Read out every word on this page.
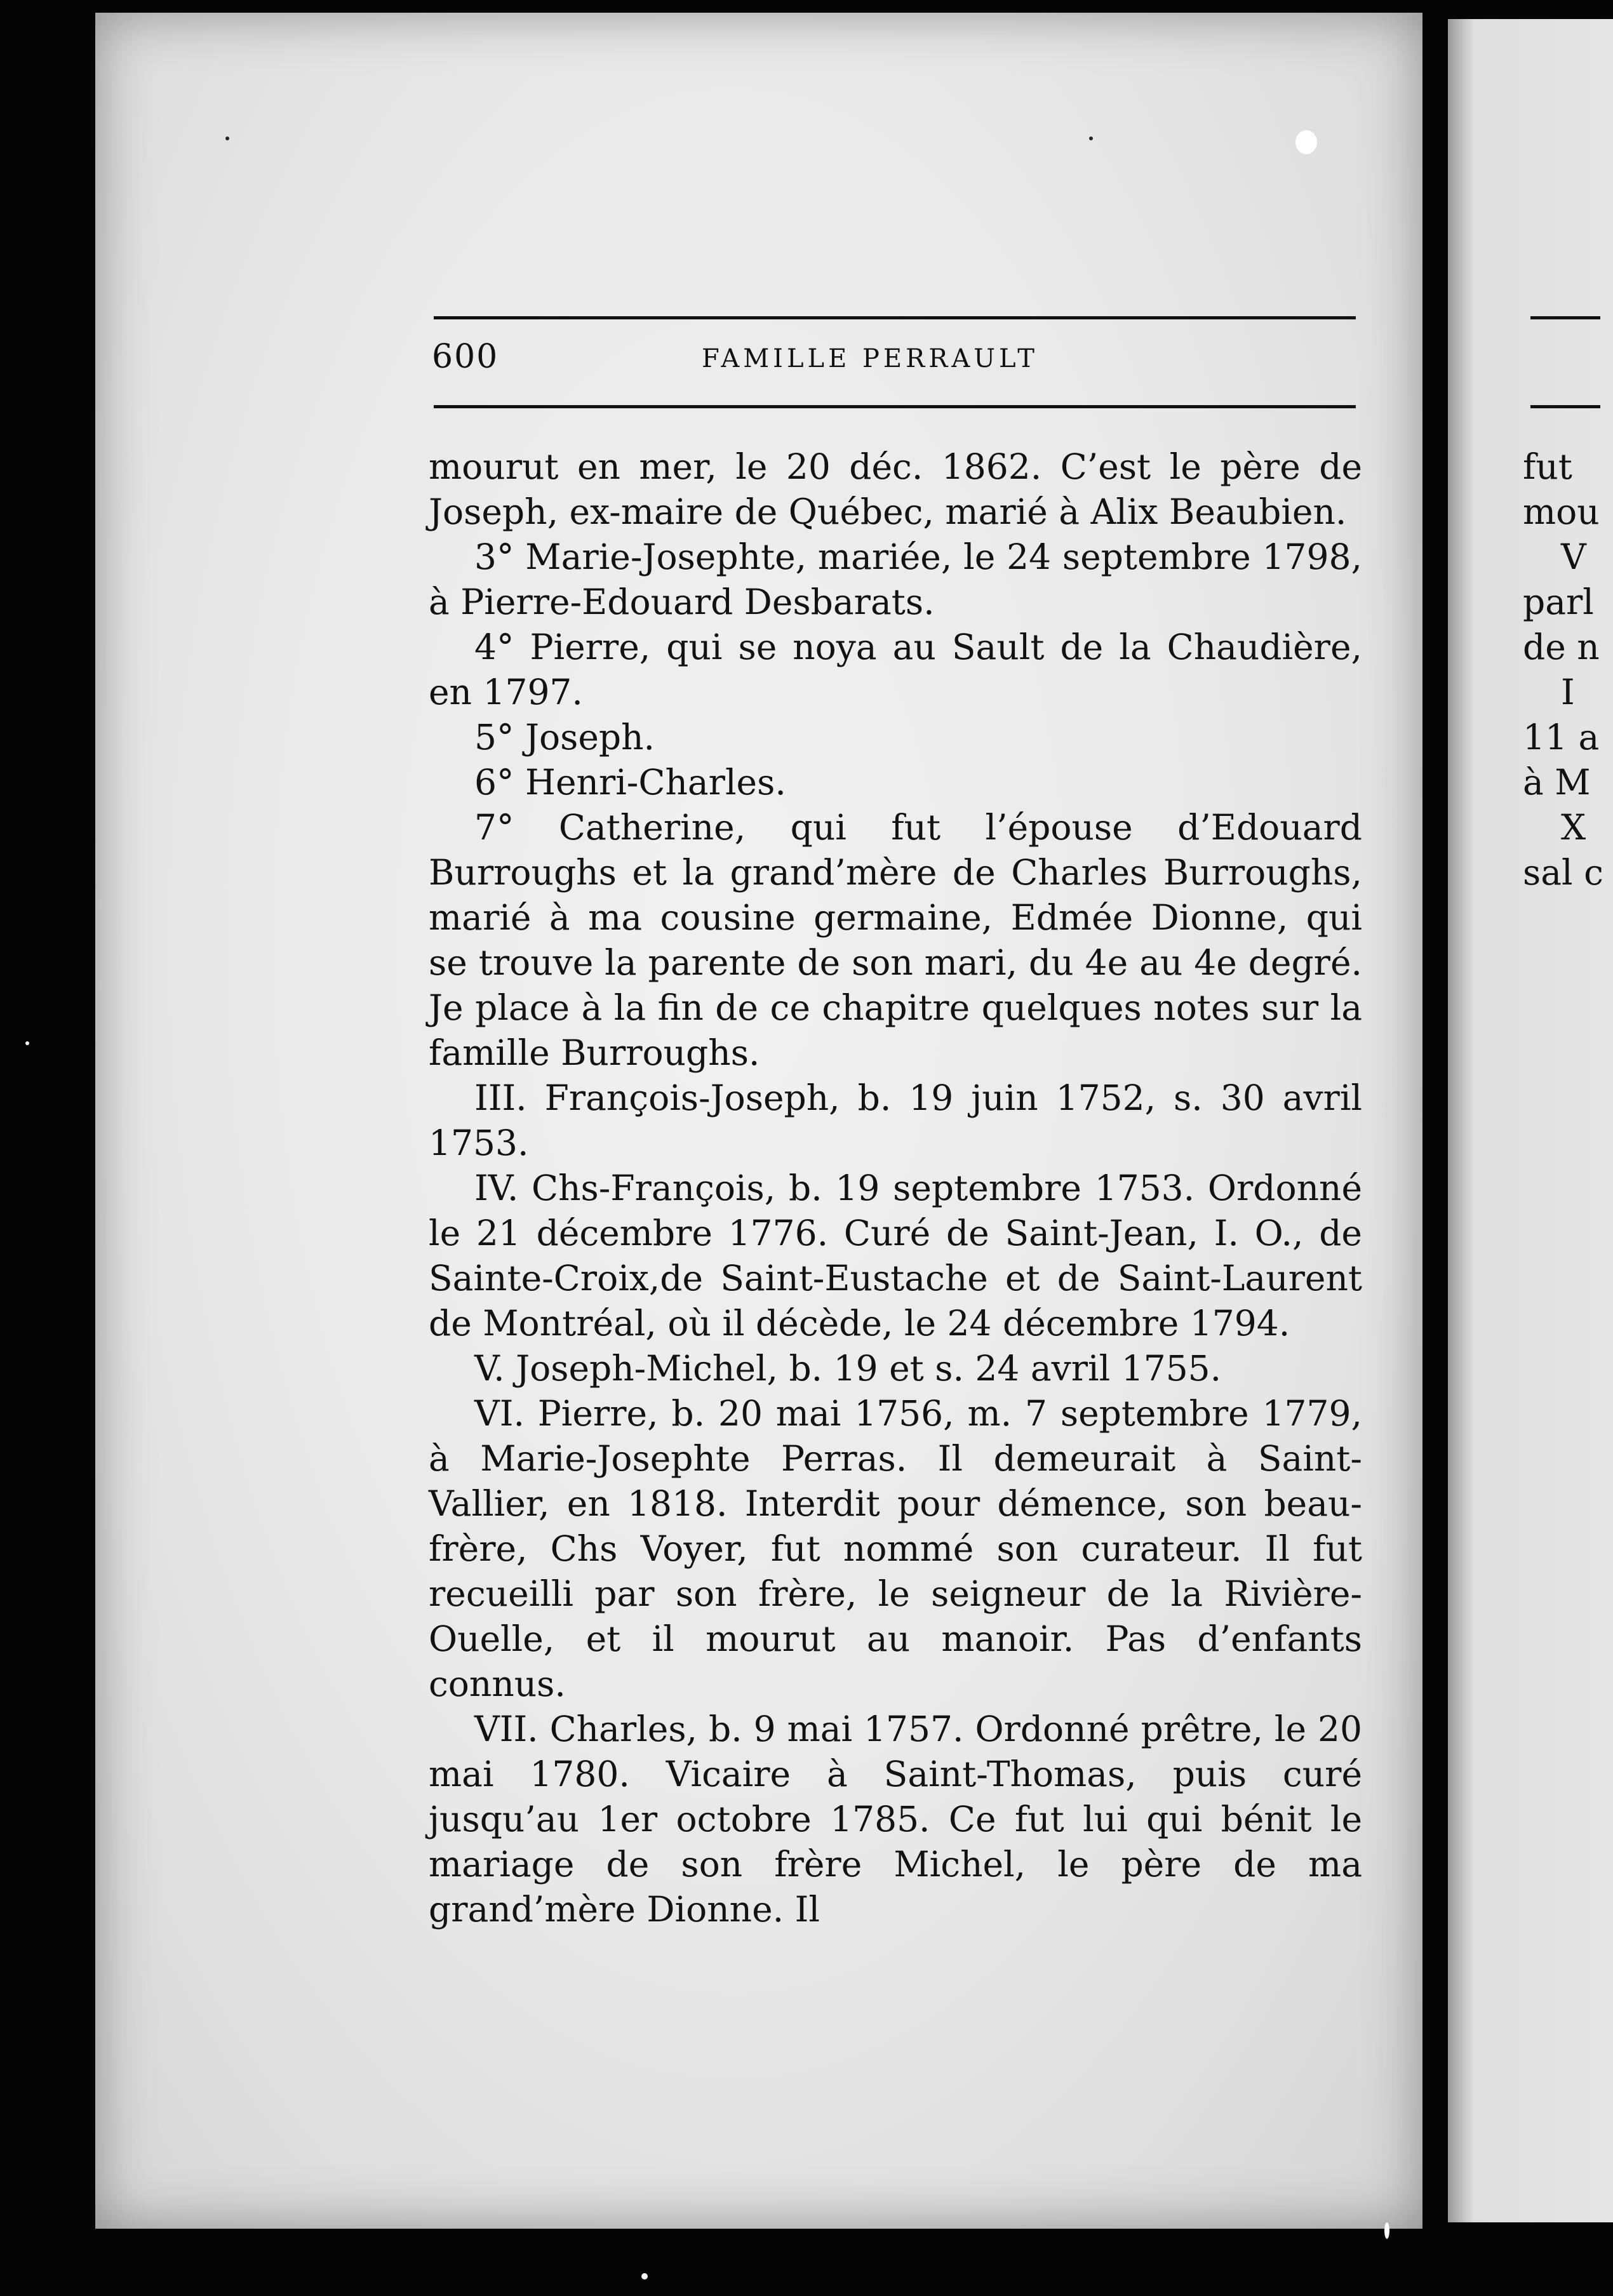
600	FAMILLE PERRAULT

mourut en mer, le 20 déc. 1862. C’est le père de Joseph, ex-maire de Québec, marié à Alix Beaubien.

3° Marie-Josephte, mariée, le 24 septembre 1798, à Pierre-Edouard Desbarats.

4° Pierre, qui se noya au Sault de la Chaudière, en 1797.

5° Joseph.

6° Henri-Charles.

7° Catherine, qui fut l’épouse d’Edouard Burroughs et la grand’mère de Charles Burroughs, marié à ma cousine germaine, Edmée Dionne, qui se trouve la parente de son mari, du 4e au 4e degré. Je place à la fin de ce chapitre quelques notes sur la famille Burroughs.

III. François-Joseph, b. 19 juin 1752, s. 30 avril 1753.

IV. Chs-François, b. 19 septembre 1753. Ordonné le 21 décembre 1776. Curé de Saint-Jean, I. O., de Sainte-Croix,de Saint-Eustache et de Saint-Laurent de Montréal, où il décède, le 24 décembre 1794.

V. Joseph-Michel, b. 19 et s. 24 avril 1755.

VI. Pierre, b. 20 mai 1756, m. 7 septembre 1779, à Marie-Josephte Perras. Il demeurait à Saint-Vallier, en 1818. Interdit pour démence, son beau-frère, Chs Voyer, fut nommé son curateur. Il fut recueilli par son frère, le seigneur de la Rivière-Ouelle, et il mourut au manoir. Pas d’enfants connus.

VII. Charles, b. 9 mai 1757. Ordonné prêtre, le 20 mai 1780. Vicaire à Saint-Thomas, puis curé jusqu’au 1er octobre 1785. Ce fut lui qui bénit le mariage de son frère Michel, le père de ma grand’mère Dionne. Il

fut
mou
V
parl
de n
I
11 a
à M
X
sal c
